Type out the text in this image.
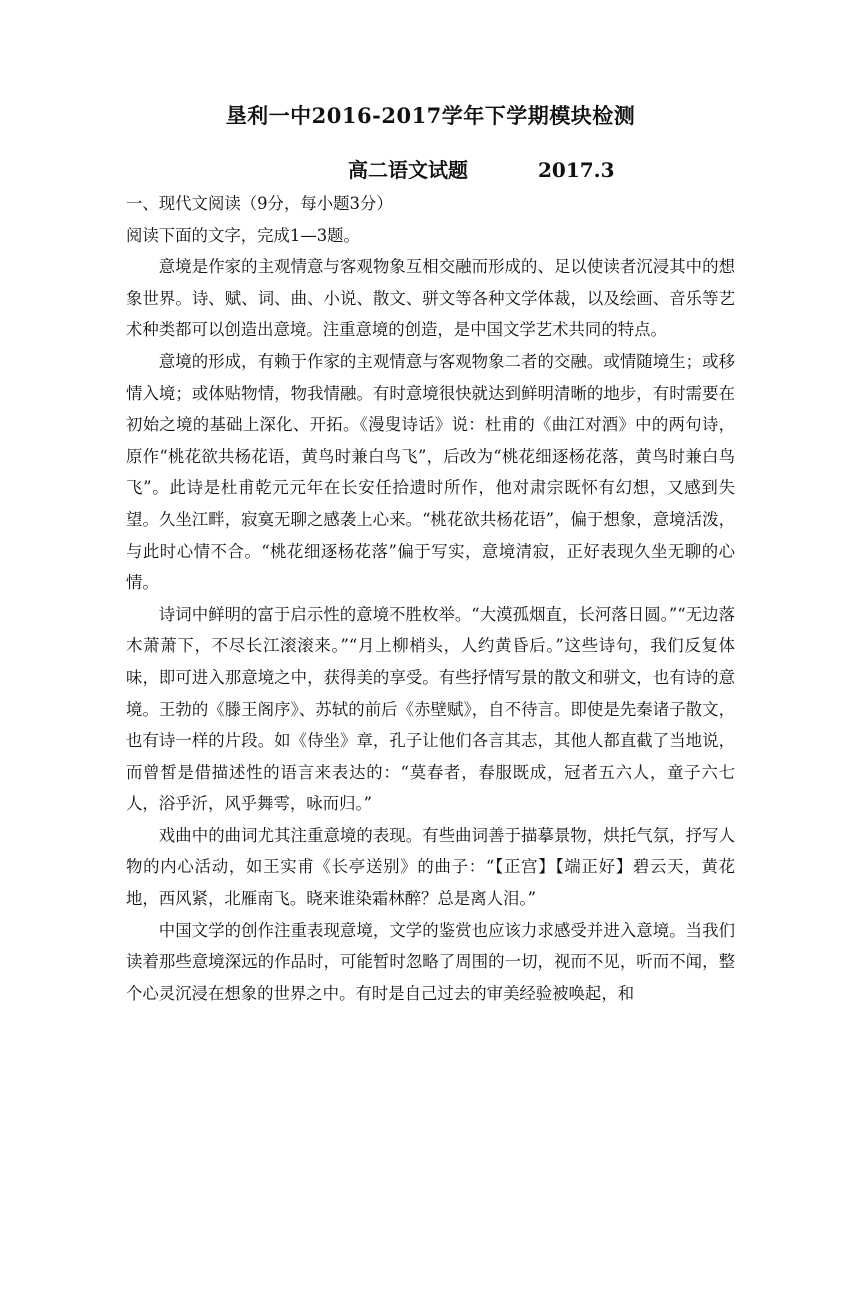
垦利一中2016-2017学年下学期模块检测
高二语文试题	2017.3
一、现代文阅读（9分，每小题3分）
阅读下面的文字，完成1—3题。

意境是作家的主观情意与客观物象互相交融而形成的、足以使读者沉浸其中的想象世界。诗、赋、词、曲、小说、散文、骈文等各种文学体裁，以及绘画、音乐等艺术种类都可以创造出意境。注重意境的创造，是中国文学艺术共同的特点。

意境的形成，有赖于作家的主观情意与客观物象二者的交融。或情随境生；或移情入境；或体贴物情，物我情融。有时意境很快就达到鲜明清晰的地步，有时需要在初始之境的基础上深化、开拓。《漫叟诗话》说：杜甫的《曲江对酒》中的两句诗，原作“桃花欲共杨花语，黄鸟时兼白鸟飞”，后改为“桃花细逐杨花落，黄鸟时兼白鸟飞”。此诗是杜甫乾元元年在长安任拾遗时所作，他对肃宗既怀有幻想，又感到失望。久坐江畔，寂寞无聊之感袭上心来。“桃花欲共杨花语”，偏于想象，意境活泼，与此时心情不合。“桃花细逐杨花落”偏于写实，意境清寂，正好表现久坐无聊的心情。

诗词中鲜明的富于启示性的意境不胜枚举。“大漠孤烟直，长河落日圆。”“无边落木萧萧下，不尽长江滚滚来。”“月上柳梢头，人约黄昏后。”这些诗句，我们反复体味，即可进入那意境之中，获得美的享受。有些抒情写景的散文和骈文，也有诗的意境。王勃的《滕王阁序》、苏轼的前后《赤壁赋》，自不待言。即使是先秦诸子散文，也有诗一样的片段。如《侍坐》章，孔子让他们各言其志，其他人都直截了当地说，而曾皙是借描述性的语言来表达的：“莫春者，春服既成，冠者五六人，童子六七人，浴乎沂，风乎舞雩，咏而归。”

戏曲中的曲词尤其注重意境的表现。有些曲词善于描摹景物，烘托气氛，抒写人物的内心活动，如王实甫《长亭送别》的曲子：“【正宫】【端正好】碧云天，黄花地，西风紧，北雁南飞。晓来谁染霜林醉？总是离人泪。”

中国文学的创作注重表现意境，文学的鉴赏也应该力求感受并进入意境。当我们读着那些意境深远的作品时，可能暂时忽略了周围的一切，视而不见，听而不闻，整个心灵沉浸在想象的世界之中。有时是自己过去的审美经验被唤起，和
